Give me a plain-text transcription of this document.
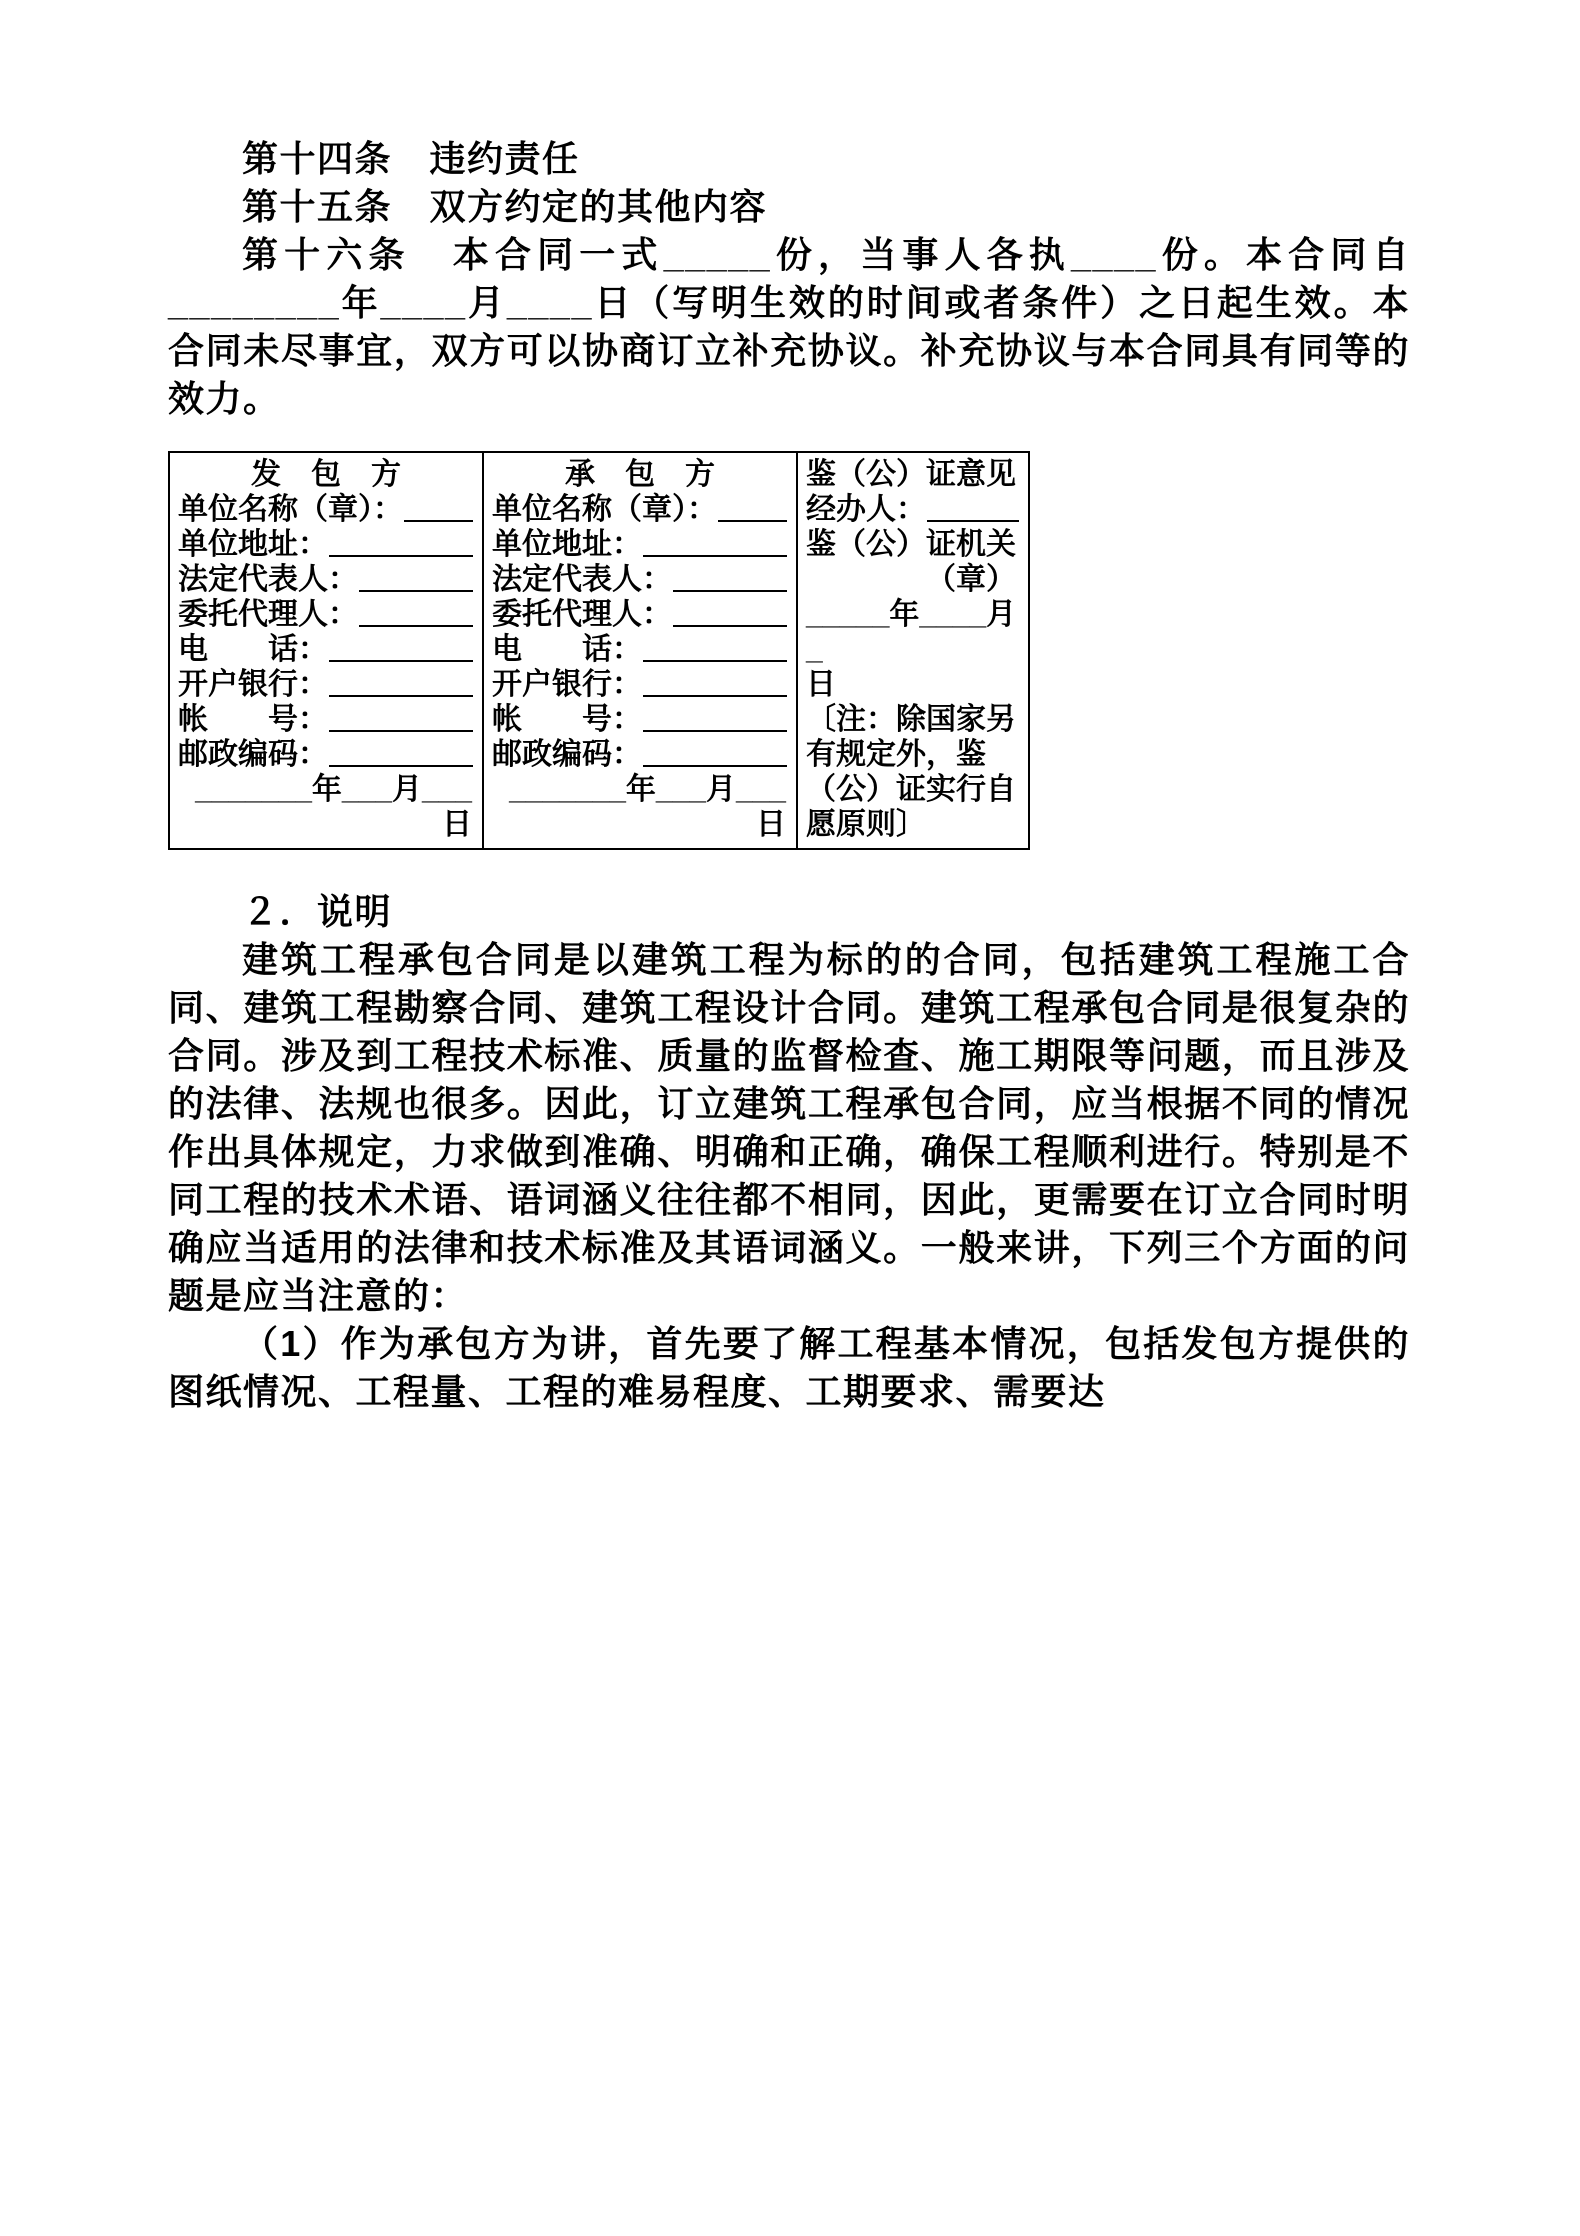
第十四条　违约责任

第十五条　双方约定的其他内容

第十六条　本合同一式_____份，当事人各执____份。本合同自________年____月____日（写明生效的时间或者条件）之日起生效。本合同未尽事宜，双方可以协商订立补充协议。补充协议与本合同具有同等的效力。

发　包　方
单位名称（章）：
单位地址：
法定代表人：
委托代理人：
电　　话：
开户银行：
帐　　号：
邮政编码：
_______年___月___日

承　包　方
单位名称（章）：
单位地址：
法定代表人：
委托代理人：
电　　话：
开户银行：
帐　　号：
邮政编码：
_______年___月___日

鉴（公）证意见
经办人：
鉴（公）证机关
（章）
_____年____月_
日
〔注：除国家另
有规定外，鉴
（公）证实行自
愿原则〕

２．说明

建筑工程承包合同是以建筑工程为标的的合同，包括建筑工程施工合同、建筑工程勘察合同、建筑工程设计合同。建筑工程承包合同是很复杂的合同。涉及到工程技术标准、质量的监督检查、施工期限等问题，而且涉及的法律、法规也很多。因此，订立建筑工程承包合同，应当根据不同的情况作出具体规定，力求做到准确、明确和正确，确保工程顺利进行。特别是不同工程的技术术语、语词涵义往往都不相同，因此，更需要在订立合同时明确应当适用的法律和技术标准及其语词涵义。一般来讲，下列三个方面的问题是应当注意的：

（1）作为承包方为讲，首先要了解工程基本情况，包括发包方提供的图纸情况、工程量、工程的难易程度、工期要求、需要达
